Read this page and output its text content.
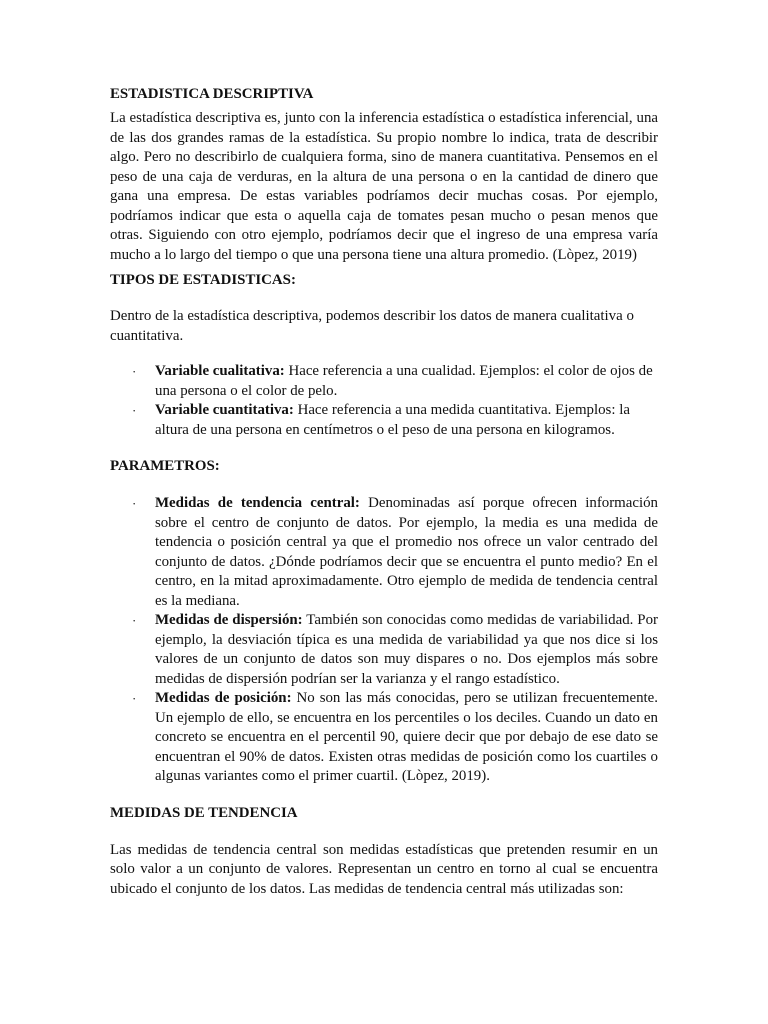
ESTADISTICA DESCRIPTIVA

La estadística descriptiva es, junto con la inferencia estadística o estadística inferencial, una de las dos grandes ramas de la estadística. Su propio nombre lo indica, trata de describir algo. Pero no describirlo de cualquiera forma, sino de manera cuantitativa. Pensemos en el peso de una caja de verduras, en la altura de una persona o en la cantidad de dinero que gana una empresa. De estas variables podríamos decir muchas cosas. Por ejemplo, podríamos indicar que esta o aquella caja de tomates pesan mucho o pesan menos que otras. Siguiendo con otro ejemplo, podríamos decir que el ingreso de una empresa varía mucho a lo largo del tiempo o que una persona tiene una altura promedio. (Lòpez, 2019)

TIPOS DE ESTADISTICAS:

Dentro de la estadística descriptiva, podemos describir los datos de manera cualitativa o cuantitativa.

· Variable cualitativa: Hace referencia a una cualidad. Ejemplos: el color de ojos de una persona o el color de pelo.
· Variable cuantitativa: Hace referencia a una medida cuantitativa. Ejemplos: la altura de una persona en centímetros o el peso de una persona en kilogramos.

PARAMETROS:

· Medidas de tendencia central: Denominadas así porque ofrecen información sobre el centro de conjunto de datos. Por ejemplo, la media es una medida de tendencia o posición central ya que el promedio nos ofrece un valor centrado del conjunto de datos. ¿Dónde podríamos decir que se encuentra el punto medio? En el centro, en la mitad aproximadamente. Otro ejemplo de medida de tendencia central es la mediana.
· Medidas de dispersión: También son conocidas como medidas de variabilidad. Por ejemplo, la desviación típica es una medida de variabilidad ya que nos dice si los valores de un conjunto de datos son muy dispares o no. Dos ejemplos más sobre medidas de dispersión podrían ser la varianza y el rango estadístico.
· Medidas de posición: No son las más conocidas, pero se utilizan frecuentemente. Un ejemplo de ello, se encuentra en los percentiles o los deciles. Cuando un dato en concreto se encuentra en el percentil 90, quiere decir que por debajo de ese dato se encuentran el 90% de datos. Existen otras medidas de posición como los cuartiles o algunas variantes como el primer cuartil. (Lòpez, 2019).

MEDIDAS DE TENDENCIA

Las medidas de tendencia central son medidas estadísticas que pretenden resumir en un solo valor a un conjunto de valores. Representan un centro en torno al cual se encuentra ubicado el conjunto de los datos. Las medidas de tendencia central más utilizadas son:
